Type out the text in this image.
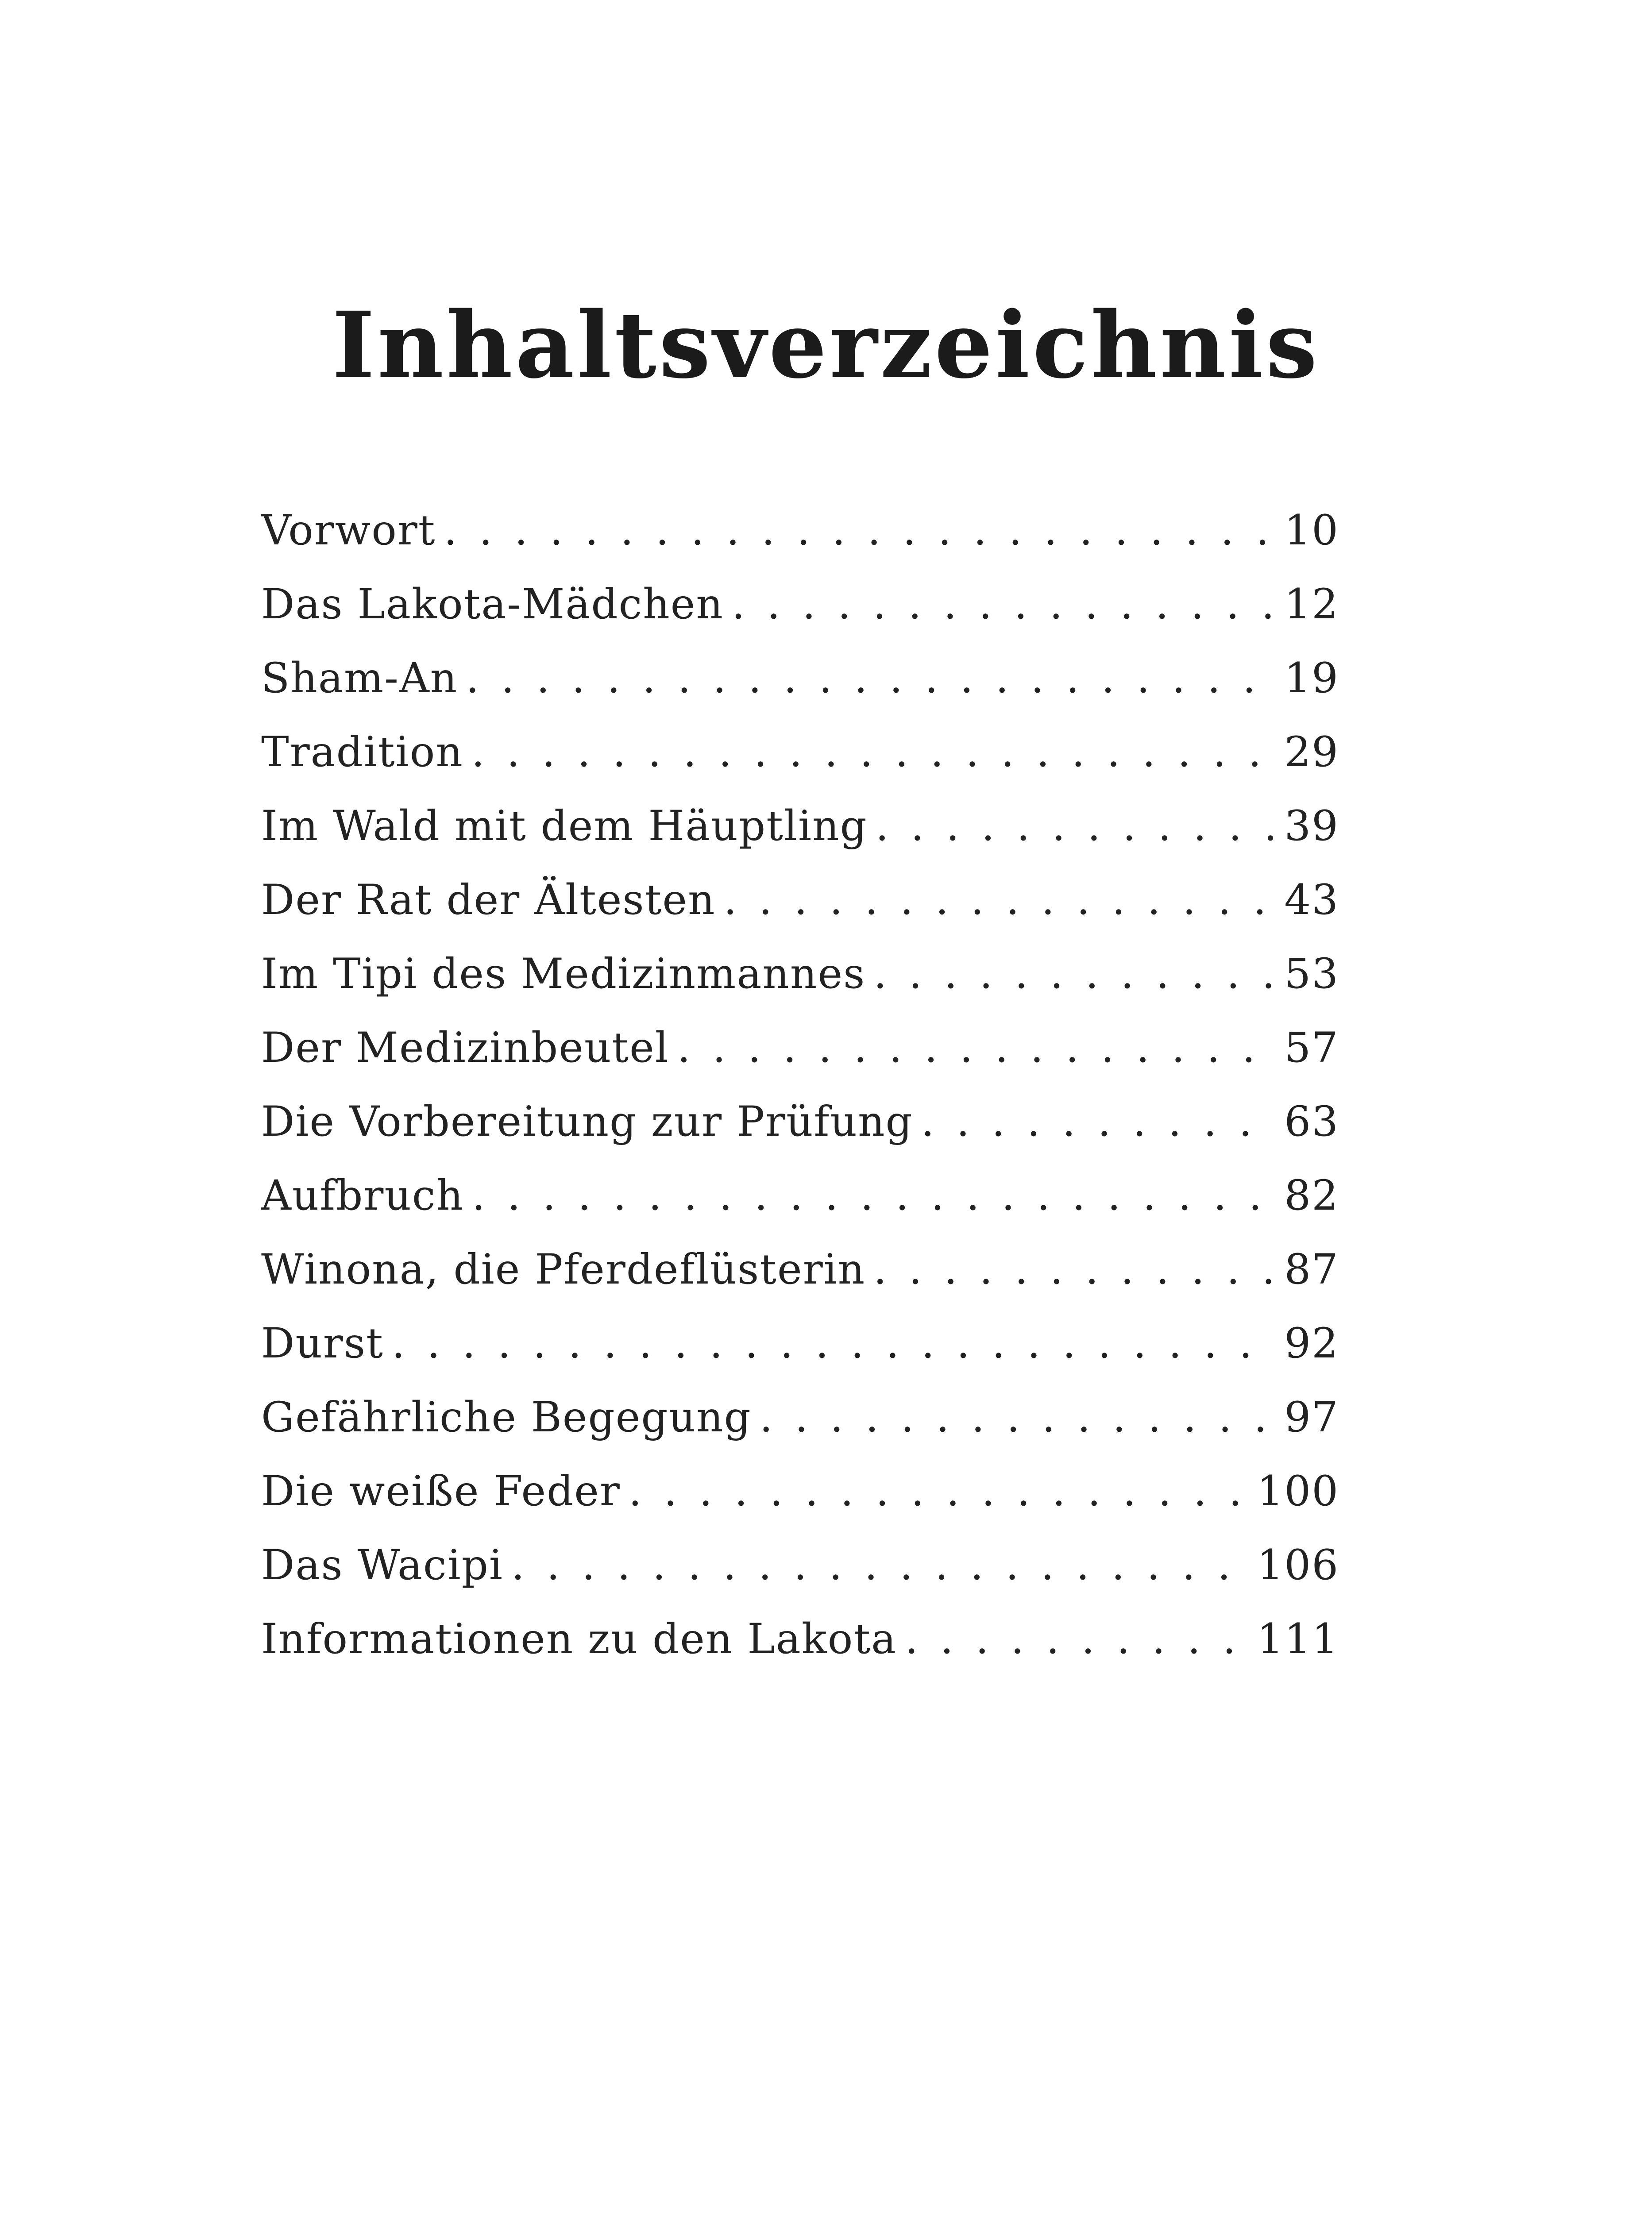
Inhaltsverzeichnis
Vorwort . . .	10
Das Lakota-Mädchen . . .	12
Sham-An . . .	19
Tradition . . .	29
Im Wald mit dem Häuptling . . .	39
Der Rat der Ältesten . . .	43
Im Tipi des Medizinmannes . . .	53
Der Medizinbeutel . . .	57
Die Vorbereitung zur Prüfung . . .	63
Aufbruch . . .	82
Winona, die Pferdeflüsterin . . .	87
Durst . . .	92
Gefährliche Begegung . . .	97
Die weiße Feder . . .	100
Das Wacipi . . .	106
Informationen zu den Lakota . . .	111
